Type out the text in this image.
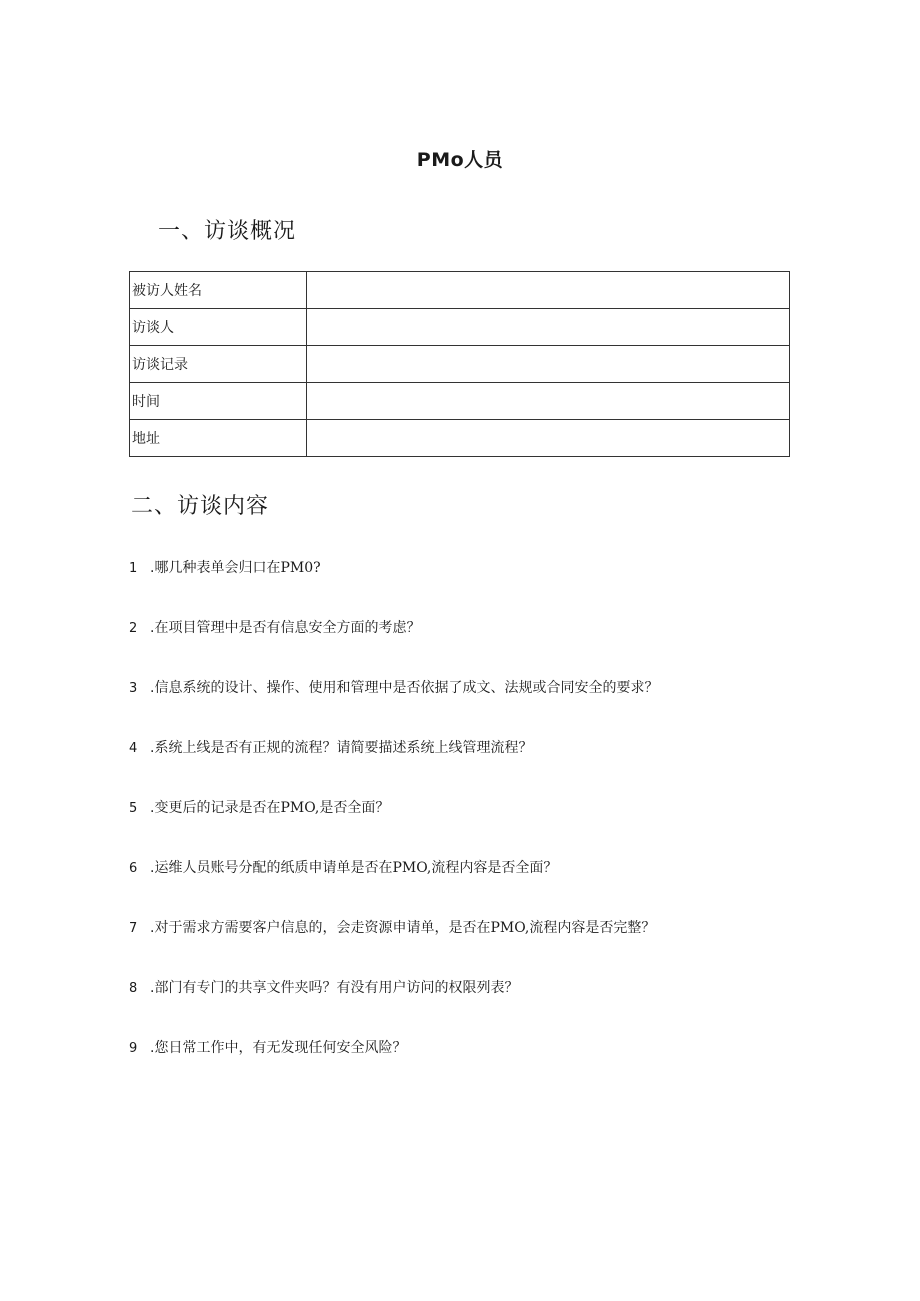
PMo人员
一、访谈概况
被访人姓名	
访谈人	
访谈记录	
时间	
地址	
二、访谈内容
1 .哪几种表单会归口在PM0?
2 .在项目管理中是否有信息安全方面的考虑？
3 .信息系统的设计、操作、使用和管理中是否依据了成文、法规或合同安全的要求？
4 .系统上线是否有正规的流程？请简要描述系统上线管理流程？
5 .变更后的记录是否在PMO,是否全面？
6 .运维人员账号分配的纸质申请单是否在PMO,流程内容是否全面？
7 .对于需求方需要客户信息的，会走资源申请单，是否在PMO,流程内容是否完整？
8 .部门有专门的共享文件夹吗？有没有用户访问的权限列表？
9 .您日常工作中，有无发现任何安全风险？
